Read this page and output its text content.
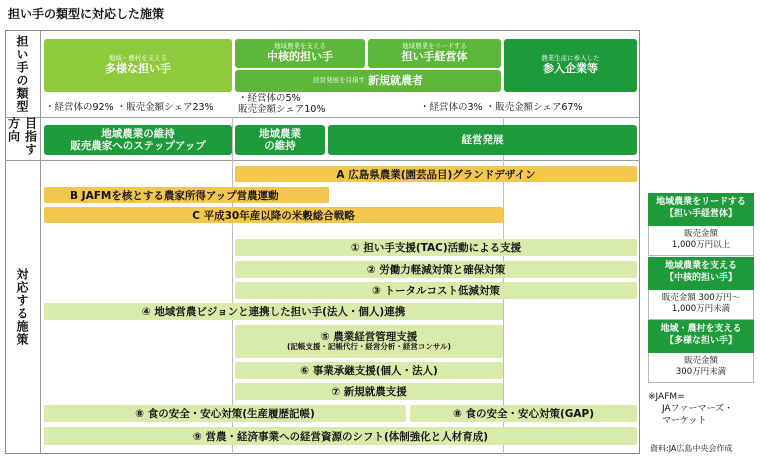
担い手の類型に対応した施策
担い手の類型
目指す方向
対応する施策
地域・農村を支える
多様な担い手
地域農業を支える
中核的担い手
地域農業をリードする
担い手経営体	農業生産に参入した
参入企業等
経営発展を目指す 新規就農者
・経営体の92% ・販売金額シェア23%
・経営体の5%
販売金額シェア10%	・経営体の3% ・販売金額シェア67%
地域農業の維持
販売農家へのステップアップ
地域農業
の維持
経営発展
A 広島県農業(園芸品目)グランドデザイン
B JAFMを核とする農家所得アップ営農運動
C 平成30年産以降の米穀総合戦略
① 担い手支援(TAC)活動による支援
② 労働力軽減対策と確保対策
③ トータルコスト低減対策
④ 地域営農ビジョンと連携した担い手(法人・個人)連携
⑤ 農業経営管理支援
(記帳支援・記帳代行・経営分析・経営コンサル)
⑥ 事業承継支援(個人・法人)
⑦ 新規就農支援
⑧ 食の安全・安心対策(生産履歴記帳)	⑧ 食の安全・安心対策(GAP)
⑨ 営農・経済事業への経営資源のシフト(体制強化と人材育成)
地域農業をリードする
【担い手経営体】
販売金額
1,000万円以上
地域農業を支える
【中核的担い手】
販売金額 300万円〜
1,000万円未満
地域・農村を支える
【多様な担い手】
販売金額
300万円未満
※JAFM=
JAファーマーズ・
マーケット
資料:JA広島中央会作成
